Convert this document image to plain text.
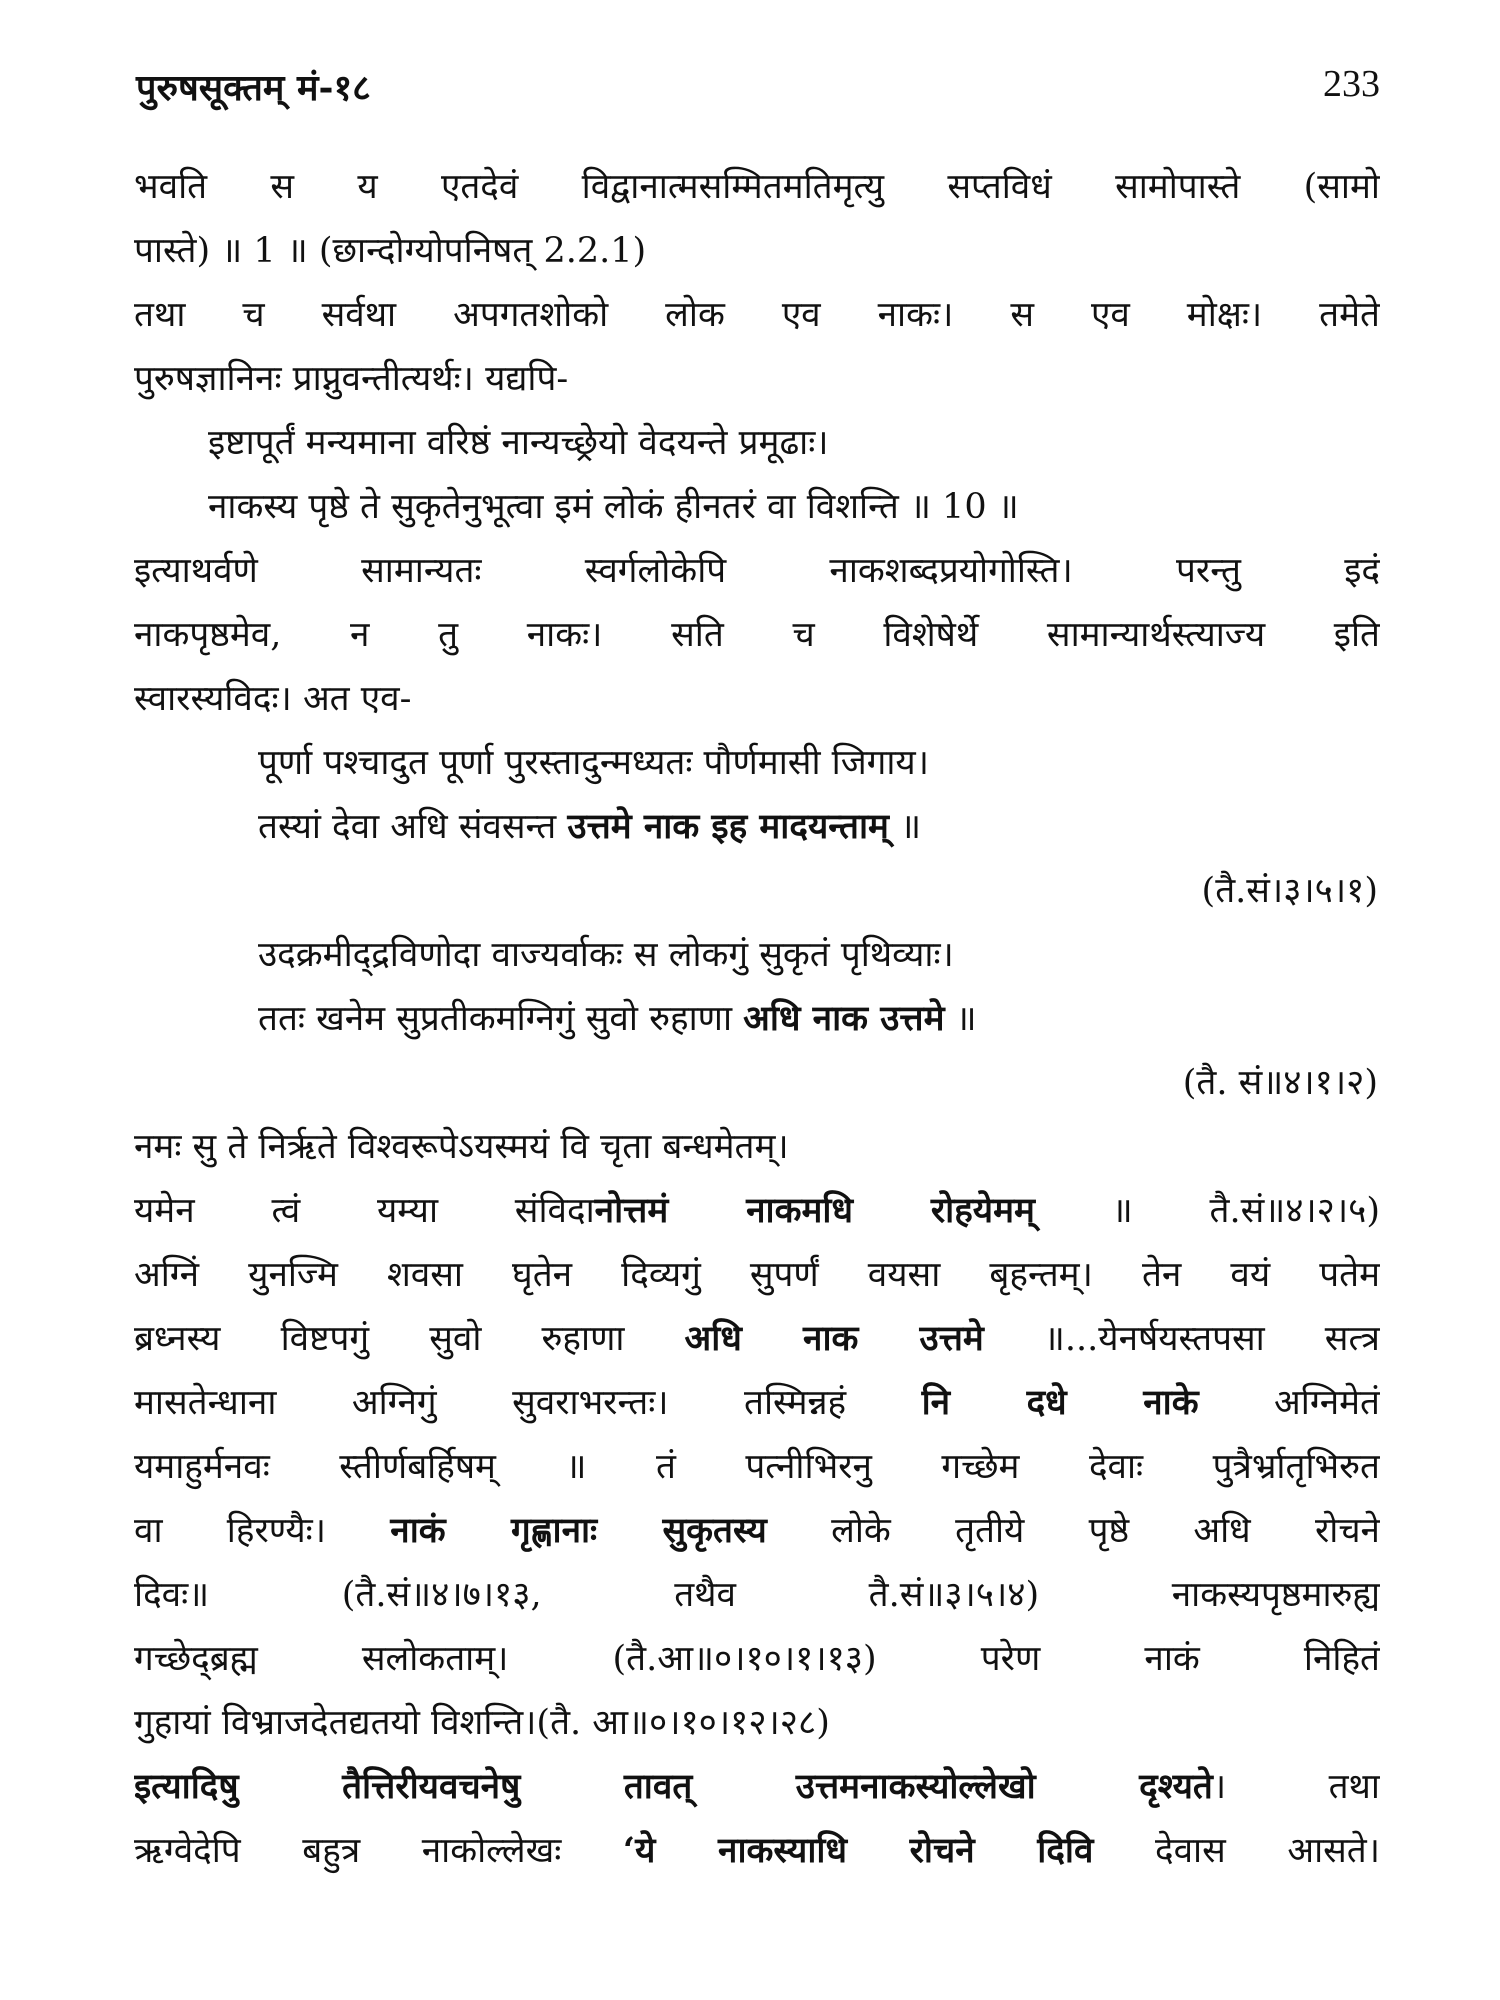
पुरुषसूक्तम् मं-१८	233
भवति स य एतदेवं विद्वानात्मसम्मितमतिमृत्यु सप्तविधं सामोपास्ते (सामो
पास्ते) ॥ 1 ॥ (छान्दोग्योपनिषत् 2.2.1)
तथा च सर्वथा अपगतशोको लोक एव नाकः। स एव मोक्षः। तमेते
पुरुषज्ञानिनः प्राप्नुवन्तीत्यर्थः। यद्यपि-
इष्टापूर्तं मन्यमाना वरिष्ठं नान्यच्छ्रेयो वेदयन्ते प्रमूढाः।
नाकस्य पृष्ठे ते सुकृतेनुभूत्वा इमं लोकं हीनतरं वा विशन्ति ॥ 10 ॥
इत्याथर्वणे सामान्यतः स्वर्गलोकेपि नाकशब्दप्रयोगोस्ति। परन्तु इदं
नाकपृष्ठमेव, न तु नाकः। सति च विशेषेर्थे सामान्यार्थस्त्याज्य इति
स्वारस्यविदः। अत एव-
पूर्णा पश्चादुत पूर्णा पुरस्तादुन्मध्यतः पौर्णमासी जिगाय।
तस्यां देवा अधि संवसन्त उत्तमे नाक इह मादयन्ताम् ॥
(तै.सं।३।५।१)
उदक्रमीद्द्रविणोदा वाज्यर्वाकः स लोकगुं सुकृतं पृथिव्याः।
ततः खनेम सुप्रतीकमग्निगुं सुवो रुहाणा अधि नाक उत्तमे ॥
(तै. सं॥४।१।२)
नमः सु ते निरृते विश्वरूपेऽयस्मयं वि चृता बन्धमेतम्।
यमेन त्वं यम्या संविदानोत्तमं नाकमधि रोहयेमम् ॥ तै.सं॥४।२।५)
अग्निं युनज्मि शवसा घृतेन दिव्यगुं सुपर्णं वयसा बृहन्तम्। तेन वयं पतेम
ब्रध्नस्य विष्टपगुं सुवो रुहाणा अधि नाक उत्तमे ॥...येनर्षयस्तपसा सत्त्र
मासतेन्धाना अग्निगुं सुवराभरन्तः। तस्मिन्नहं नि दधे नाके अग्निमेतं
यमाहुर्मनवः स्तीर्णबर्हिषम् ॥ तं पत्नीभिरनु गच्छेम देवाः पुत्रैर्भ्रातृभिरुत
वा हिरण्यैः। नाकं गृह्णानाः सुकृतस्य लोके तृतीये पृष्ठे अधि रोचने
दिवः॥ (तै.सं॥४।७।१३, तथैव तै.सं॥३।५।४) नाकस्यपृष्ठमारुह्य
गच्छेद्ब्रह्म सलोकताम्। (तै.आ॥०।१०।१।१३) परेण नाकं निहितं
गुहायां विभ्राजदेतद्यतयो विशन्ति।(तै. आ॥०।१०।१२।२८)
इत्यादिषु तैत्तिरीयवचनेषु तावत् उत्तमनाकस्योल्लेखो दृश्यते। तथा
ऋग्वेदेपि बहुत्र नाकोल्लेखः ‘ये नाकस्याधि रोचने दिवि देवास आसते।
